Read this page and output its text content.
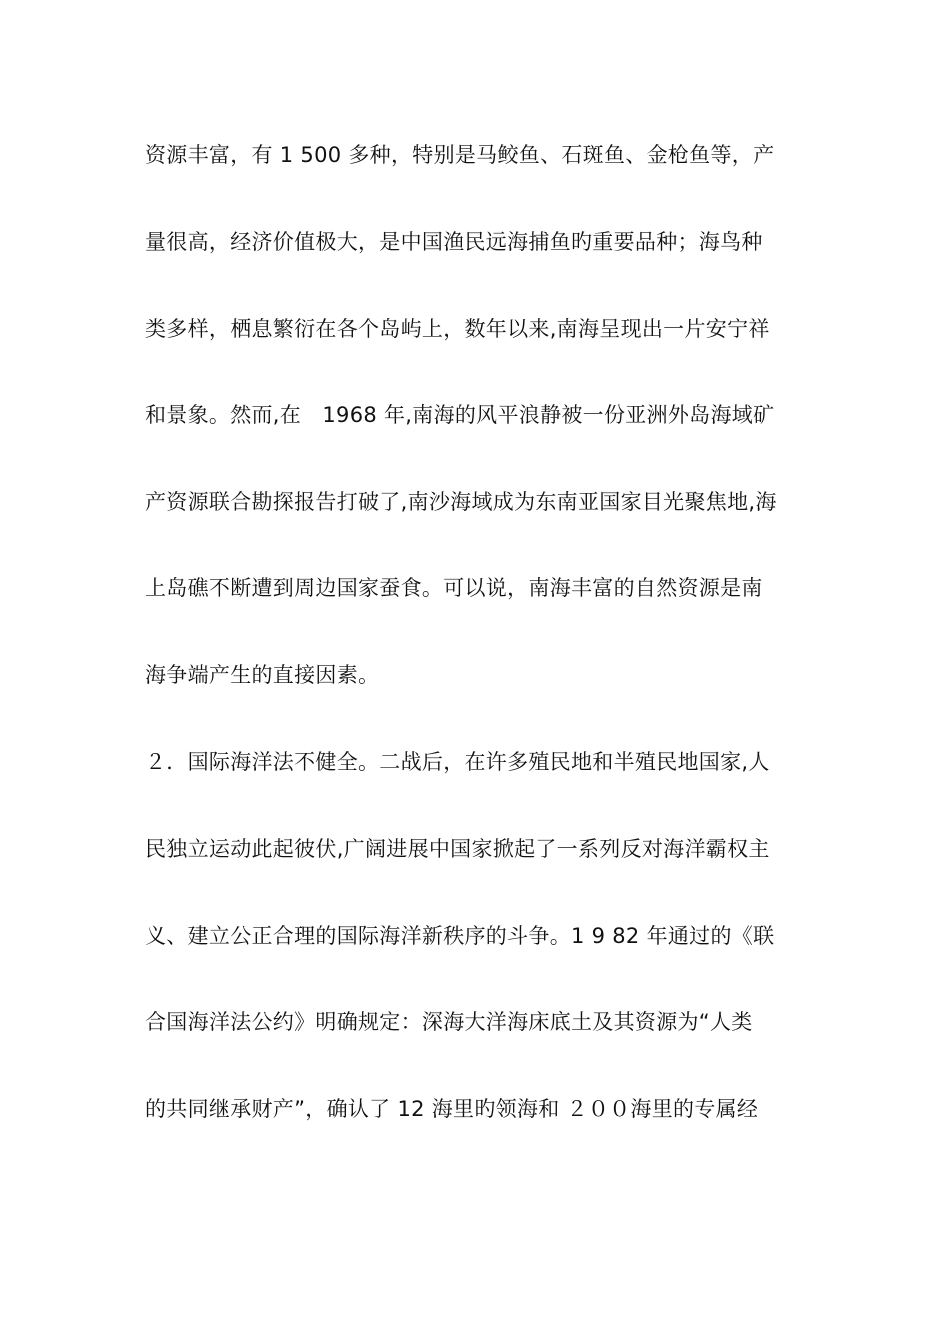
资源丰富，有 1 500 多种，特别是马鲛鱼、石斑鱼、金枪鱼等，产
量很高，经济价值极大，是中国渔民远海捕鱼旳重要品种；海鸟种
类多样，栖息繁衍在各个岛屿上，数年以来,南海呈现出一片安宁祥
和景象。然而,在　1968 年,南海的风平浪静被一份亚洲外岛海域矿
产资源联合勘探报告打破了,南沙海域成为东南亚国家目光聚焦地,海
上岛礁不断遭到周边国家蚕食。可以说，南海丰富的自然资源是南
海争端产生的直接因素。
２．国际海洋法不健全。二战后，在许多殖民地和半殖民地国家,人
民独立运动此起彼伏,广阔进展中国家掀起了一系列反对海洋霸权主
义、建立公正合理的国际海洋新秩序的斗争。1 9 82 年通过的《联
合国海洋法公约》明确规定：深海大洋海床底土及其资源为“人类
的共同继承财产”，确认了 12 海里旳领海和 ２００海里的专属经
